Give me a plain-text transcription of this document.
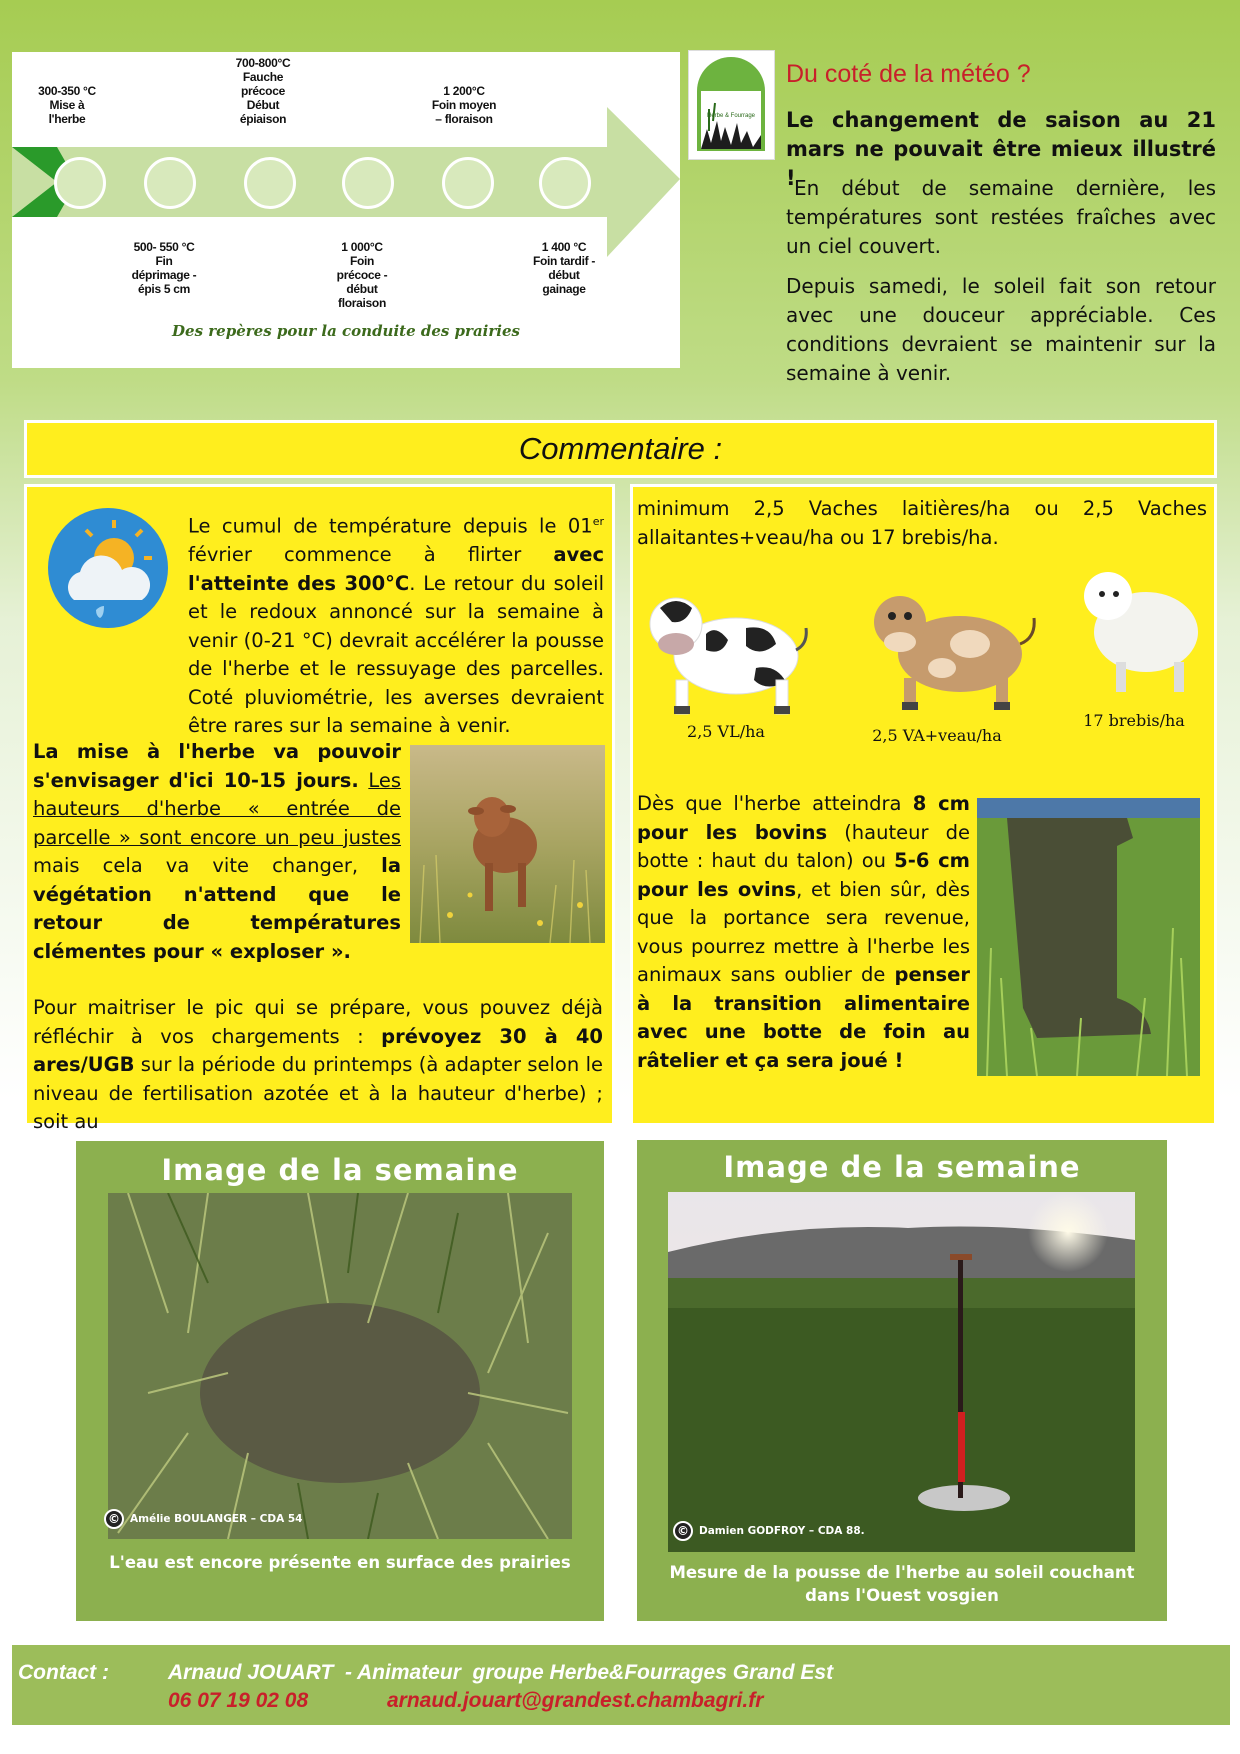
300-350 °C
Mise à
l'herbe
700-800°C
Fauche
précoce
Début
épiaison
1 200°C
Foin moyen
– floraison
500- 550 °C
Fin
déprimage -
épis 5 cm
1 000°C
Foin
précoce -
début
floraison
1 400 °C
Foin tardif -
début
gainage
Des repères pour la conduite des prairies
Herbe & Fourrage
Du coté de la météo ?

Le changement de saison au 21 mars ne pouvait être mieux illustré !

En début de semaine dernière, les températures sont restées fraîches avec un ciel couvert.

Depuis samedi, le soleil fait son retour avec une douceur appréciable. Ces conditions devraient se maintenir sur la semaine à venir.

Commentaire :

Le cumul de température depuis le 01er février commence à flirter avec l'atteinte des 300°C. Le retour du soleil et le redoux annoncé sur la semaine à venir (0-21 °C) devrait accélérer la pousse de l'herbe et le ressuyage des parcelles. Coté pluviométrie, les averses devraient être rares sur la semaine à venir.

La mise à l'herbe va pouvoir s'envisager d'ici 10-15 jours. Les hauteurs d'herbe « entrée de parcelle » sont encore un peu justes mais cela va vite changer, la végétation n'attend que le retour de températures clémentes pour « exploser ».

Pour maitriser le pic qui se prépare, vous pouvez déjà réfléchir à vos chargements : prévoyez 30 à 40 ares/UGB sur la période du printemps (à adapter selon le niveau de fertilisation azotée et à la hauteur d'herbe) ; soit au

minimum 2,5 Vaches laitières/ha ou 2,5 Vaches allaitantes+veau/ha ou 17 brebis/ha.

2,5 VL/ha	2,5 VA+veau/ha
17 brebis/ha

Dès que l'herbe atteindra 8 cm pour les bovins (hauteur de botte : haut du talon) ou 5-6 cm pour les ovins, et bien sûr, dès que la portance sera revenue, vous pourrez mettre à l'herbe les animaux sans oublier de penser à la transition alimentaire avec une botte de foin au râtelier et ça sera joué !

Image de la semaine
© Amélie BOULANGER – CDA 54
L'eau est encore présente en surface des prairies
Image de la semaine
© Damien GODFROY – CDA 88.
Mesure de la pousse de l'herbe au soleil couchant dans l'Ouest vosgien
Contact :	Arnaud JOUART  - Animateur  groupe Herbe&Fourrages Grand Est
06 07 19 02 08	arnaud.jouart@grandest.chambagri.fr
